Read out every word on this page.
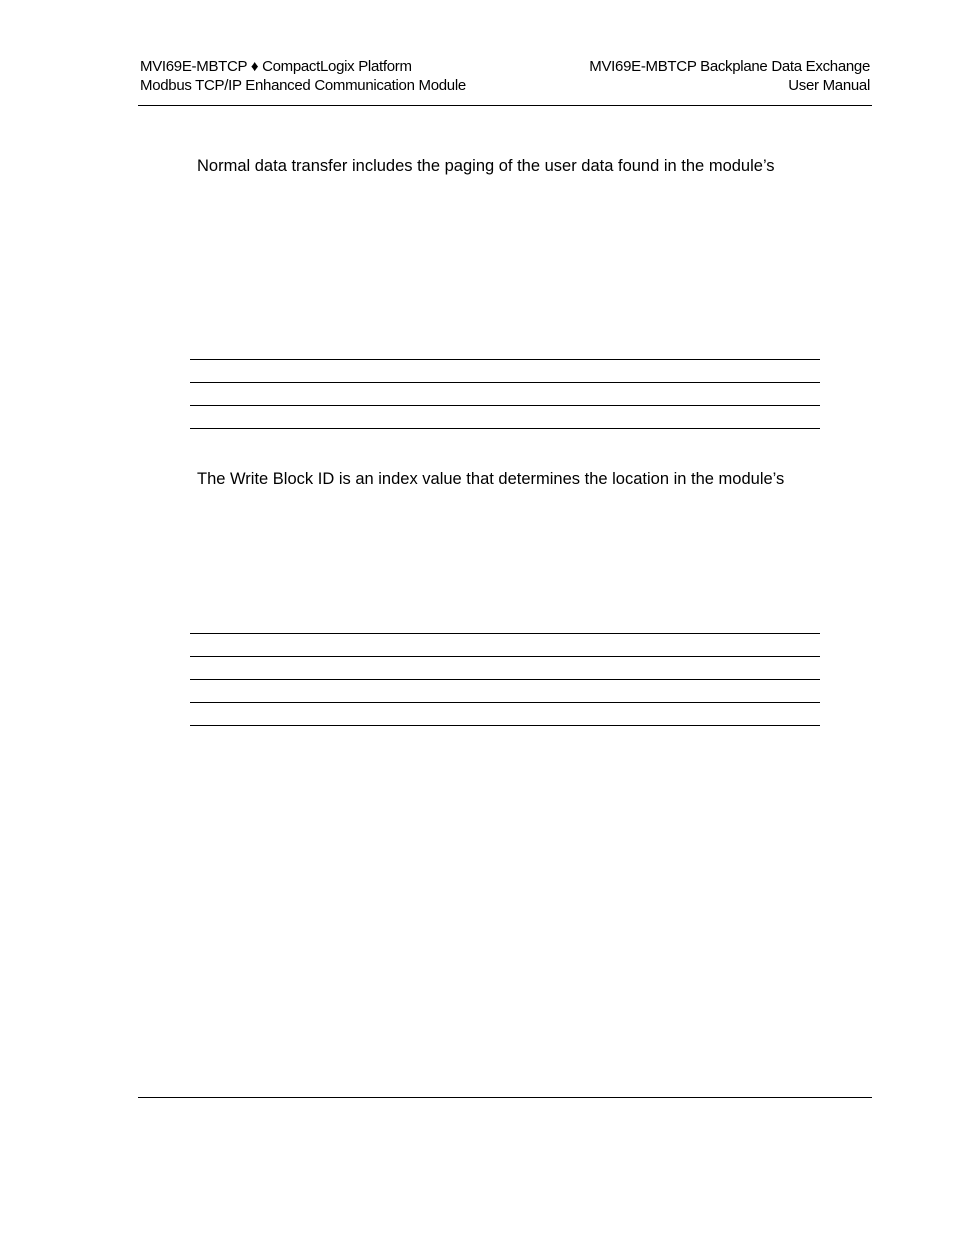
MVI69E-MBTCP ♦ CompactLogix Platform
Modbus TCP/IP Enhanced Communication Module
MVI69E-MBTCP Backplane Data Exchange
User Manual
Normal data transfer includes the paging of the user data found in the module’s
The Write Block ID is an index value that determines the location in the module’s
